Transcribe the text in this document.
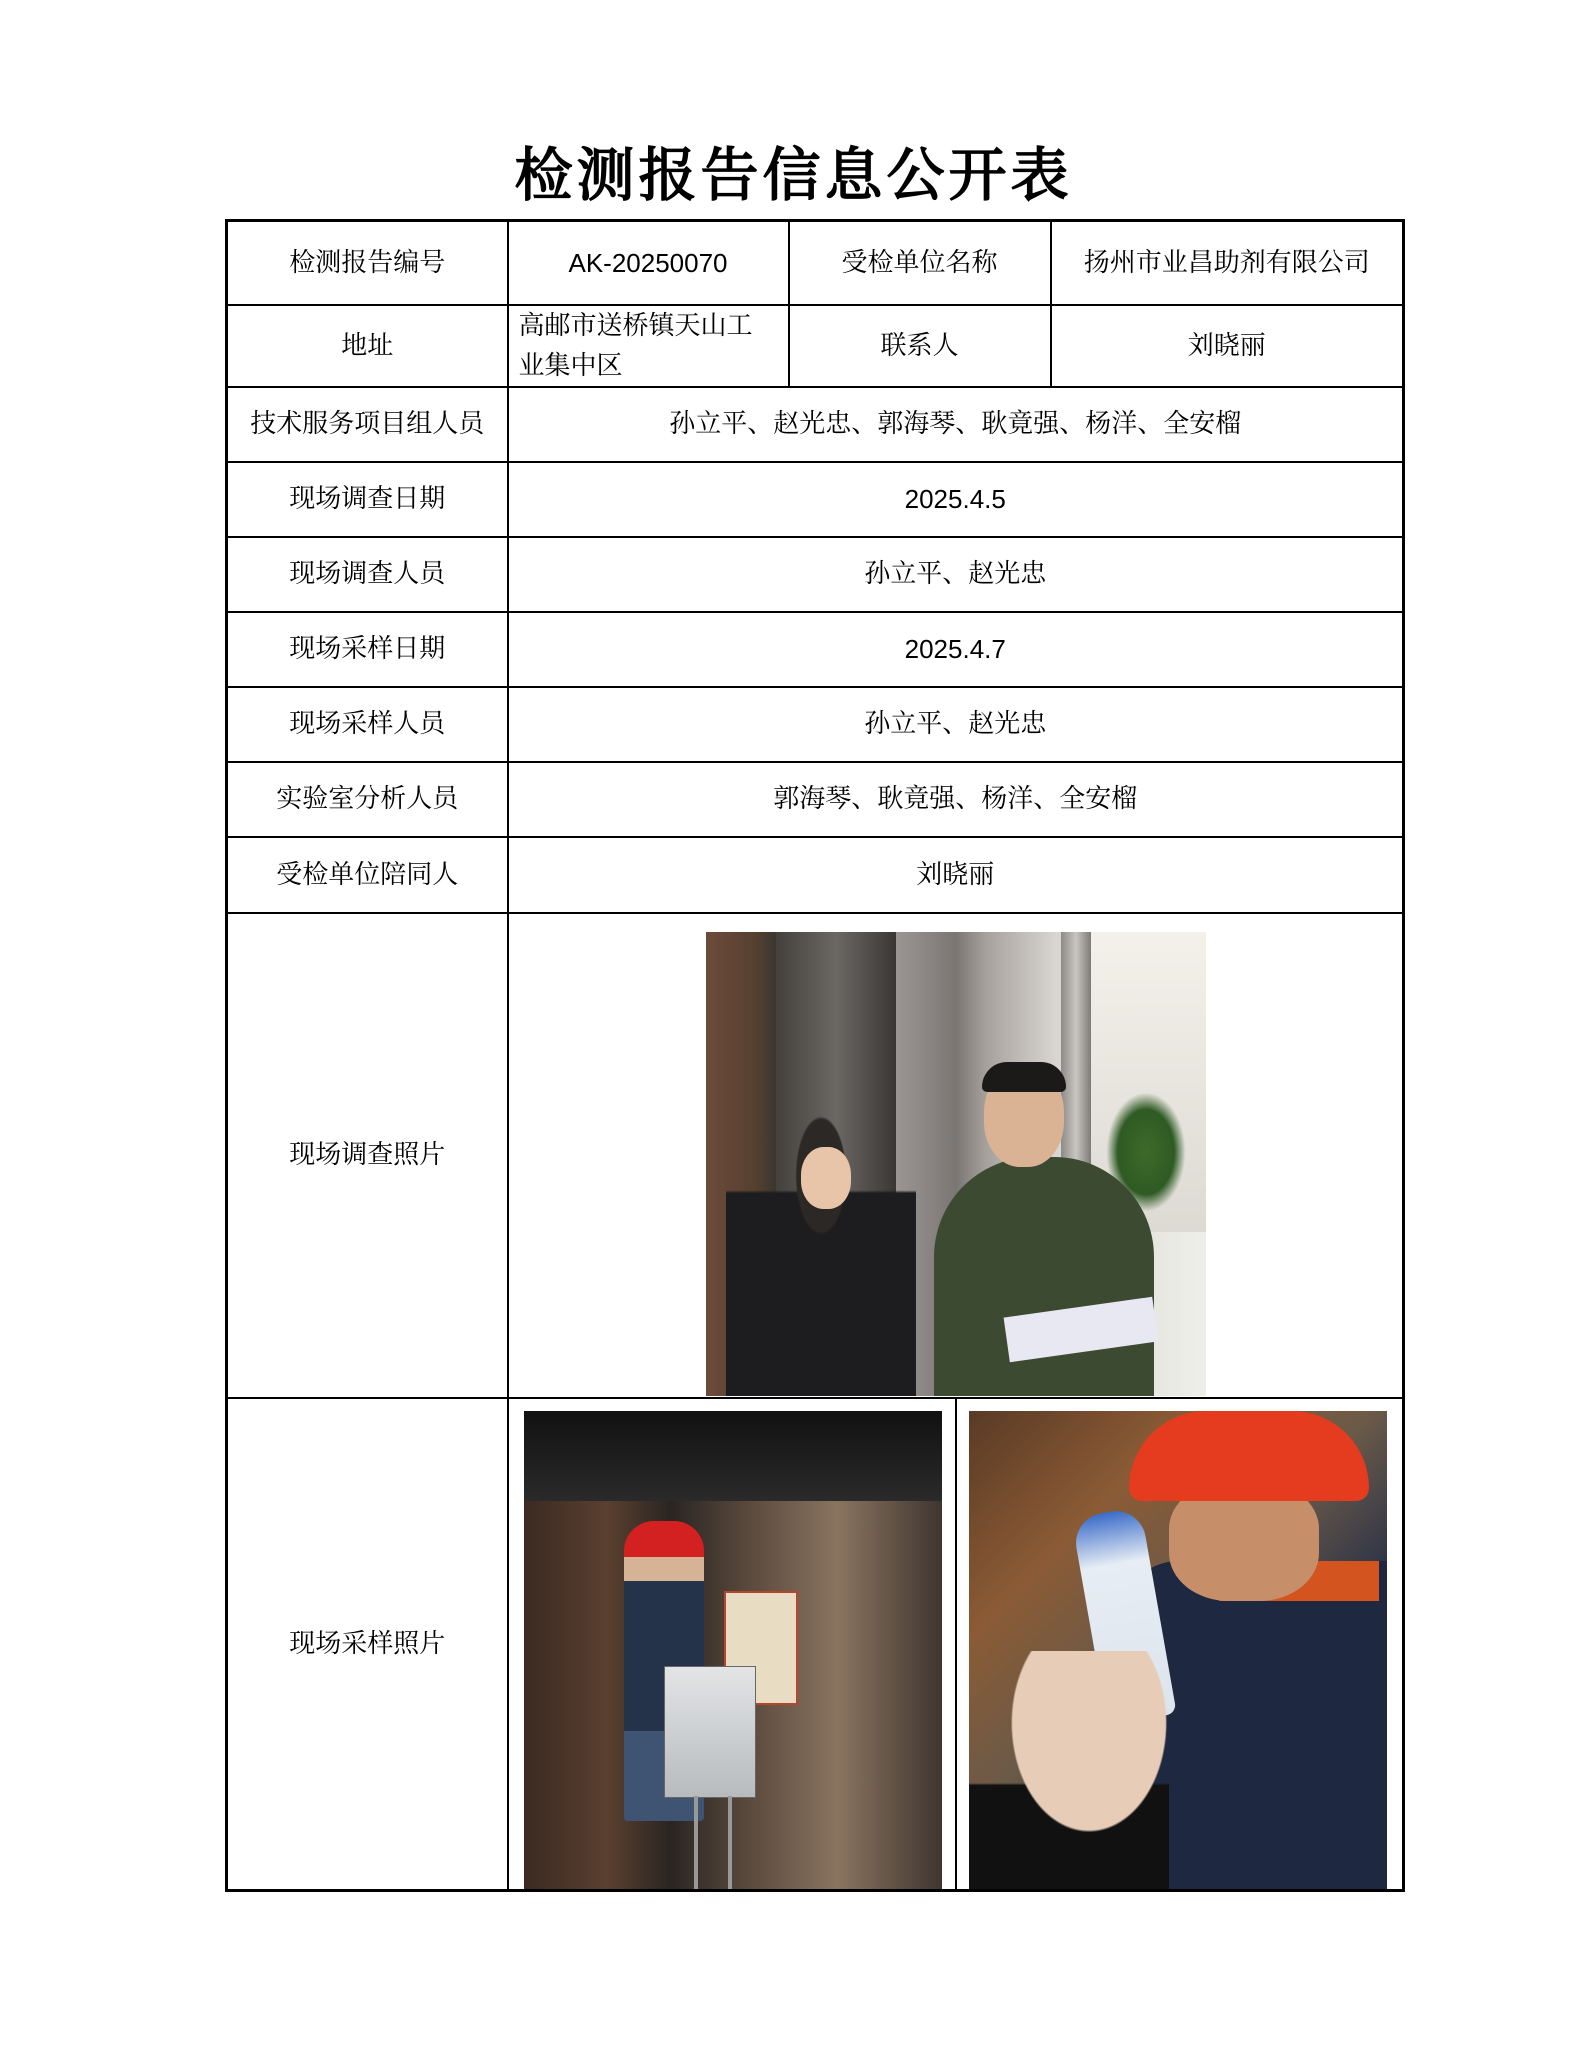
检测报告信息公开表
检测报告编号	AK-20250070	受检单位名称	扬州市业昌助剂有限公司
地址	高邮市送桥镇天山工业集中区	联系人	刘晓丽
技术服务项目组人员	孙立平、赵光忠、郭海琴、耿竟强、杨洋、全安榴		
现场调查日期	2025.4.5		
现场调查人员	孙立平、赵光忠		
现场采样日期	2025.4.7		
现场采样人员	孙立平、赵光忠		
实验室分析人员	郭海琴、耿竟强、杨洋、全安榴		
受检单位陪同人	刘晓丽		
现场调查照片			

现场采样照片			
